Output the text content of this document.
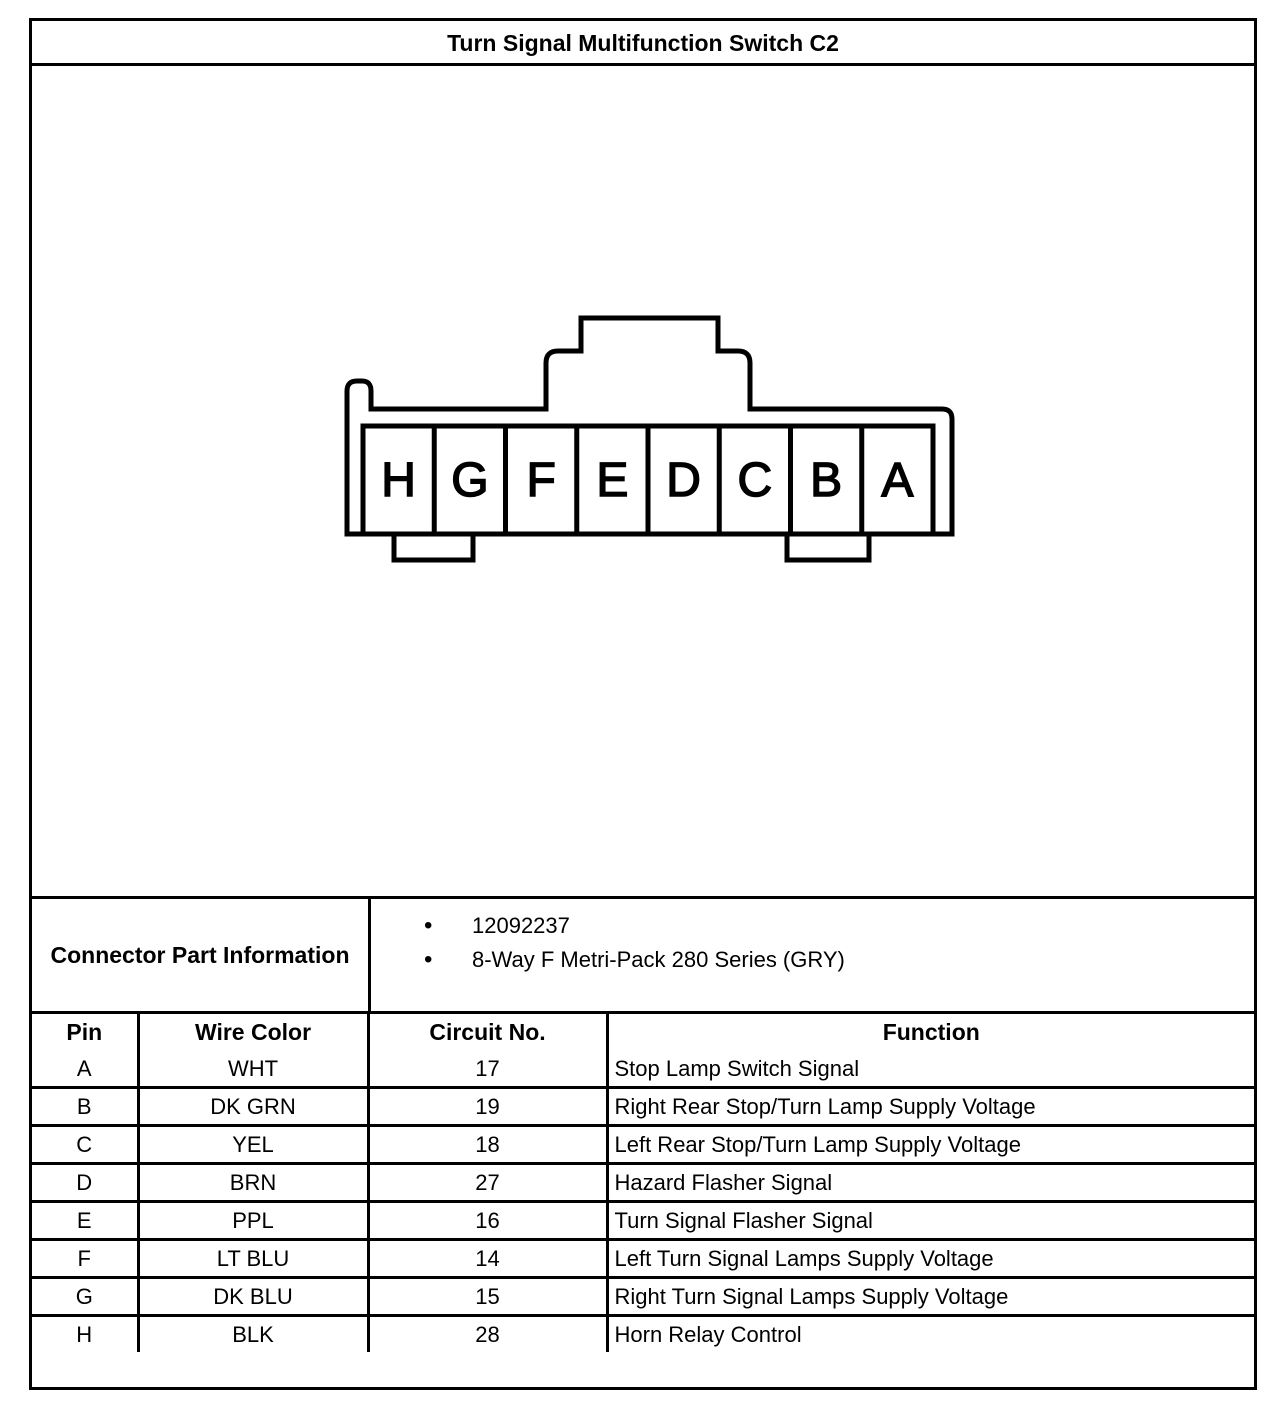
Turn Signal Multifunction Switch C2
H G F E D C B A
Connector Part Information
• 12092237
• 8-Way F Metri-Pack 280 Series (GRY)
Pin	Wire Color	Circuit No.	Function
A	WHT	17	Stop Lamp Switch Signal
B	DK GRN	19	Right Rear Stop/Turn Lamp Supply Voltage
C	YEL	18	Left Rear Stop/Turn Lamp Supply Voltage
D	BRN	27	Hazard Flasher Signal
E	PPL	16	Turn Signal Flasher Signal
F	LT BLU	14	Left Turn Signal Lamps Supply Voltage
G	DK BLU	15	Right Turn Signal Lamps Supply Voltage
H	BLK	28	Horn Relay Control
